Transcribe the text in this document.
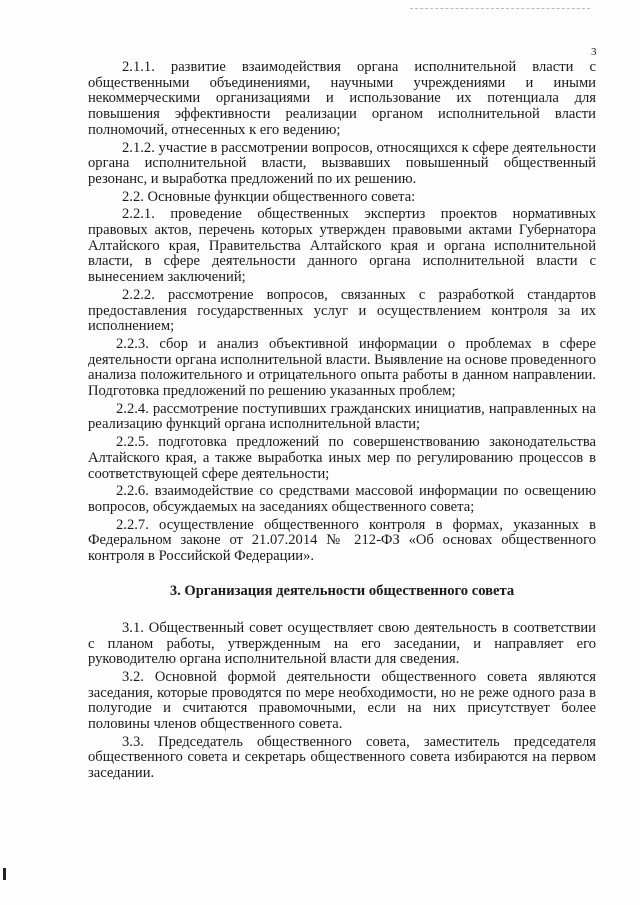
3

2.1.1. развитие взаимодействия органа исполнительной власти с общественными объединениями, научными учреждениями и иными некоммерческими организациями и использование их потенциала для повышения эффективности реализации органом исполнительной власти полномочий, отнесенных к его ведению;

2.1.2. участие в рассмотрении вопросов, относящихся к сфере деятельности органа исполнительной власти, вызвавших повышенный общественный резонанс, и выработка предложений по их решению.

2.2. Основные функции общественного совета:

2.2.1. проведение общественных экспертиз проектов нормативных правовых актов, перечень которых утвержден правовыми актами Губернатора Алтайского края, Правительства Алтайского края и органа исполнительной власти, в сфере деятельности данного органа исполнительной власти с вынесением заключений;

2.2.2. рассмотрение вопросов, связанных с разработкой стандартов предоставления государственных услуг и осуществлением контроля за их исполнением;

2.2.3. сбор и анализ объективной информации о проблемах в сфере деятельности органа исполнительной власти. Выявление на основе проведенного анализа положительного и отрицательного опыта работы в данном направлении. Подготовка предложений по решению указанных проблем;

2.2.4. рассмотрение поступивших гражданских инициатив, направленных на реализацию функций органа исполнительной власти;

2.2.5. подготовка предложений по совершенствованию законодательства Алтайского края, а также выработка иных мер по регулированию процессов в соответствующей сфере деятельности;

2.2.6. взаимодействие со средствами массовой информации по освещению вопросов, обсуждаемых на заседаниях общественного совета;

2.2.7. осуществление общественного контроля в формах, указанных в Федеральном законе от 21.07.2014 № 212-ФЗ «Об основах общественного контроля в Российской Федерации».

3. Организация деятельности общественного совета

3.1. Общественный совет осуществляет свою деятельность в соответствии с планом работы, утвержденным на его заседании, и направляет его руководителю органа исполнительной власти для сведения.

3.2. Основной формой деятельности общественного совета являются заседания, которые проводятся по мере необходимости, но не реже одного раза в полугодие и считаются правомочными, если на них присутствует более половины членов общественного совета.

3.3. Председатель общественного совета, заместитель председателя общественного совета и секретарь общественного совета избираются на первом заседании.
